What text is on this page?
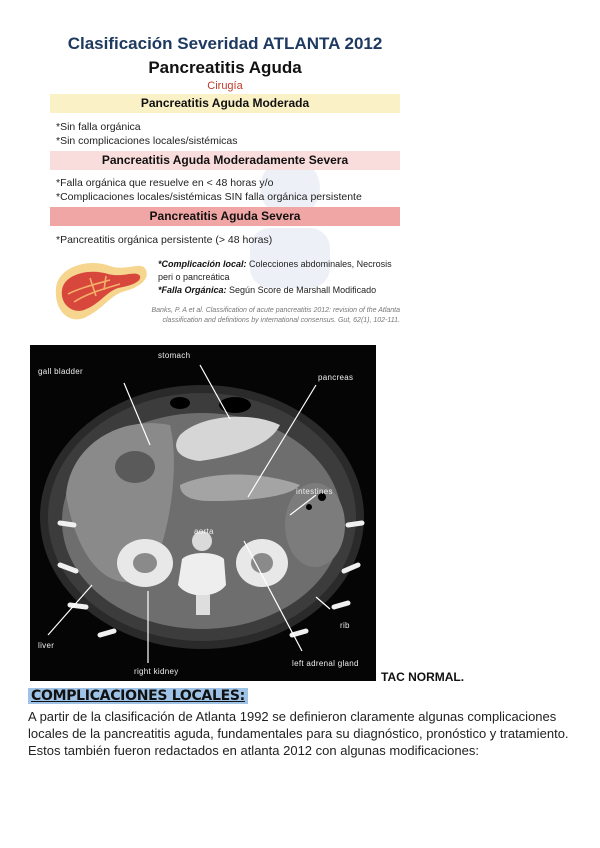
Clasificación Severidad ATLANTA 2012
Pancreatitis Aguda
Cirugía
Pancreatitis Aguda Moderada
*Sin falla orgánica
*Sin complicaciones locales/sistémicas
Pancreatitis Aguda Moderadamente Severa
*Falla orgánica que resuelve en < 48 horas y/o
*Complicaciones locales/sistémicas SIN falla orgánica persistente
Pancreatitis Aguda Severa
*Pancreatitis orgánica persistente (> 48 horas)
*Complicación local: Colecciones abdominales, Necrosis peri o pancreática
*Falla Orgánica: Según Score de Marshall Modificado
Banks, P. A et al. Classification of acute pancreatitis 2012: revision of the Atlanta classification and definitions by international consensus. Gut, 62(1), 102-111.
gall bladder
stomach
pancreas
intestines
aorta
spine
liver
right kidney
left adrenal gland
rib
TAC NORMAL.
COMPLICACIONES LOCALES:
A partir de la clasificación de Atlanta 1992 se definieron claramente algunas complicaciones locales de la pancreatitis aguda, fundamentales para su diagnóstico, pronóstico y tratamiento. Estos también fueron redactados en atlanta 2012 con algunas modificaciones:
